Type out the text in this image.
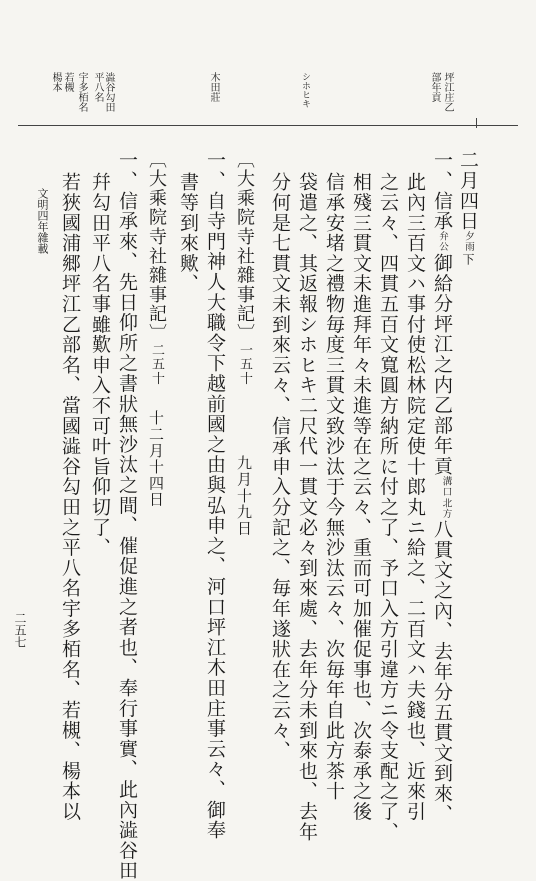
坪江庄乙
部年貢
シホヒキ
木田莊
澁谷勾田
平八名
宇多栢名
若槻
楊本
文明四年雜載	二月四日夕雨下
一、信承弁公御給分坪江之内乙部年貢
北方
溝口
八貫文之內、去年分五貫文到來、
此內三百文ハ事付使松林院定使十郎丸ニ給之、二百文ハ夫錢也、近來引
之云々、四貫五百文寬圓方納所に付之了、予口入方引違方ニ令支配之了、
相殘三貫文未進拜年々未進等在之云々、重而可加催促事也、次泰承之後
信承安堵之禮物毎度三貫文致沙汰于今無沙汰云々、次毎年自此方茶十
袋遣之、其返報シホヒキ二尺代一貫文必々到來處、去年分未到來也、去年
分何是七貫文未到來云々、信承申入分記之、毎年遂狀在之云々、
〔大乘院寺社雜事記〕一五十
九月十九日
一、自寺門神人大職令下越前國之由與弘申之、河口坪江木田庄事云々、御奉
書等到來歟、
〔大乘院寺社雜事記〕二五十
十二月十四日
一、信承來、先日仰所之書狀無沙汰之間、催促進之者也、奉行事實、此內澁谷田
幷勾田平八名事雖歎申入不可叶旨仰切了、
若狹國浦郷坪江乙部名、當國澁谷勾田之平八名宇多栢名、若槻、楊本以
二五七
